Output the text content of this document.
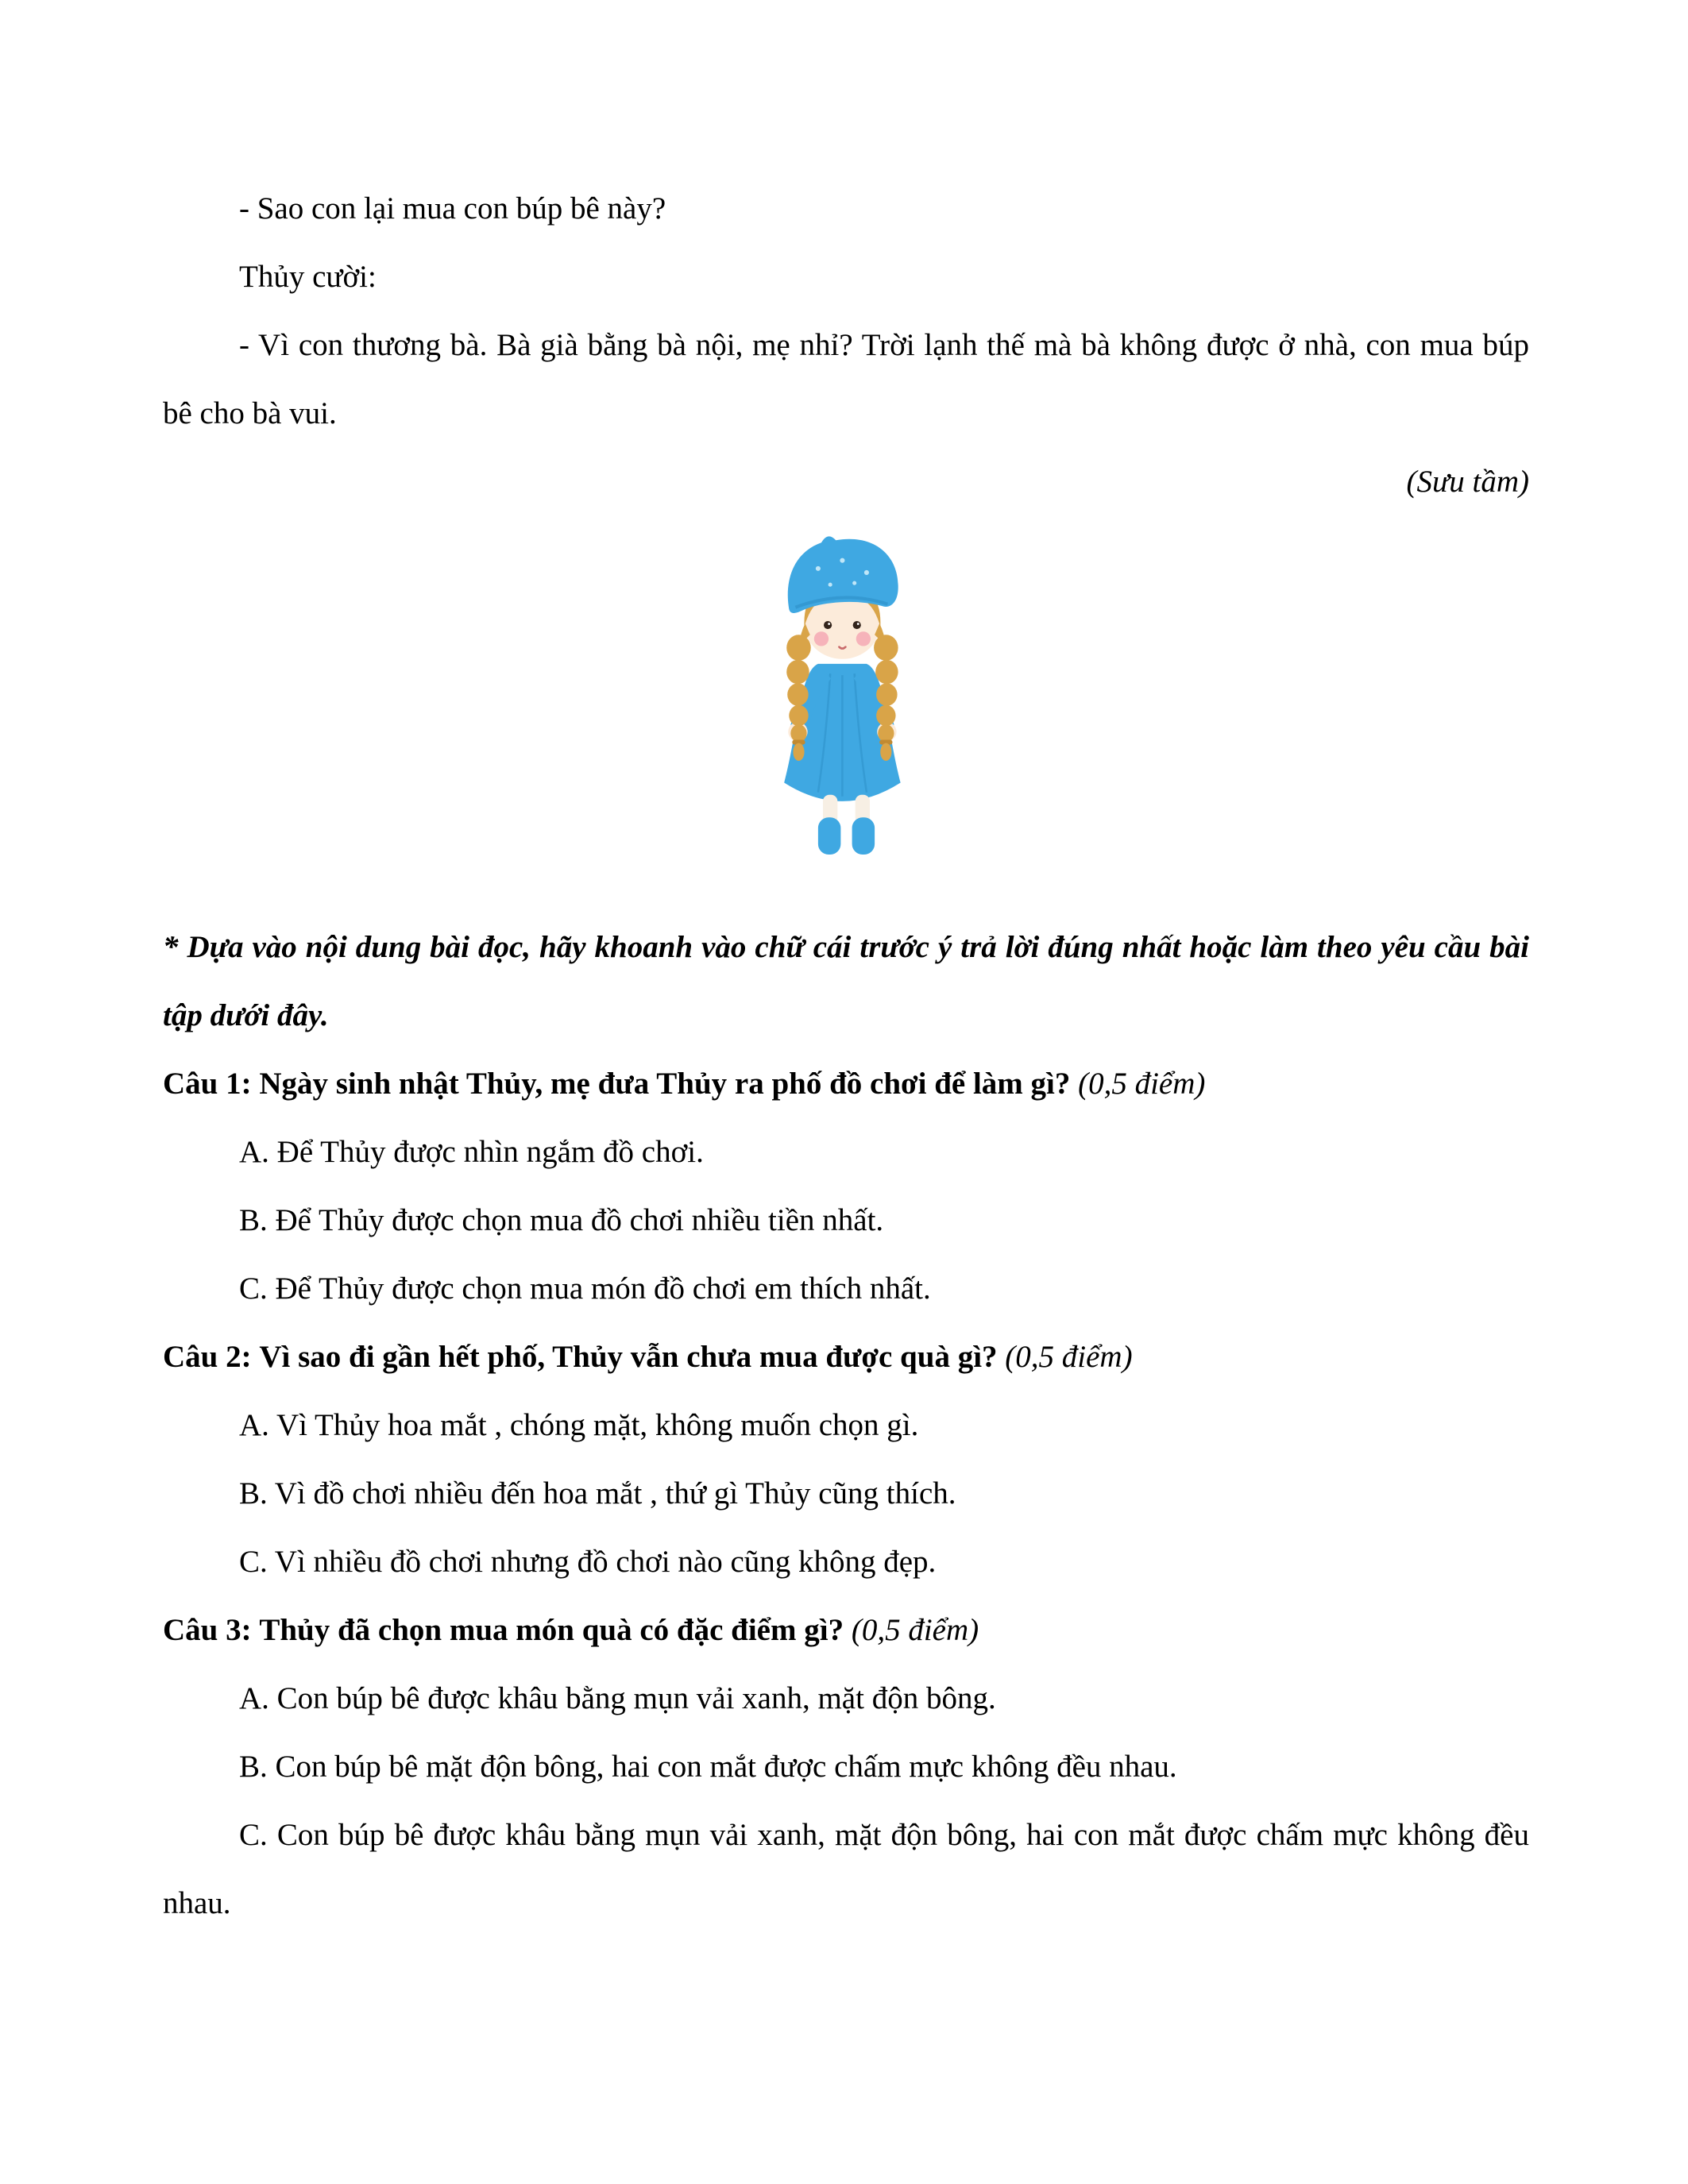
- Sao con lại mua con búp bê này?

Thủy cười:

- Vì con thương bà. Bà già bằng bà nội, mẹ nhỉ? Trời lạnh thế mà bà không được ở nhà, con mua búp bê cho bà vui.

(Sưu tầm)

* Dựa vào nội dung bài đọc, hãy khoanh vào chữ cái trước ý trả lời đúng nhất hoặc làm theo yêu cầu bài tập dưới đây.

Câu 1: Ngày sinh nhật Thủy, mẹ đưa Thủy ra phố đồ chơi để làm gì? (0,5 điểm)

A. Để Thủy được nhìn ngắm đồ chơi.

B. Để Thủy được chọn mua đồ chơi nhiều tiền nhất.

C. Để Thủy được chọn mua món đồ chơi em thích nhất.

Câu 2: Vì sao đi gần hết phố, Thủy vẫn chưa mua được quà gì? (0,5 điểm)

A. Vì Thủy hoa mắt , chóng mặt, không muốn chọn gì.

B. Vì đồ chơi nhiều đến hoa mắt , thứ gì Thủy cũng thích.

C. Vì nhiều đồ chơi nhưng đồ chơi nào cũng không đẹp.

Câu 3: Thủy đã chọn mua món quà có đặc điểm gì? (0,5 điểm)

A. Con búp bê được khâu bằng mụn vải xanh, mặt độn bông.

B. Con búp bê mặt độn bông, hai con mắt được chấm mực không đều nhau.

C. Con búp bê được khâu bằng mụn vải xanh, mặt độn bông, hai con mắt được chấm mực không đều nhau.
